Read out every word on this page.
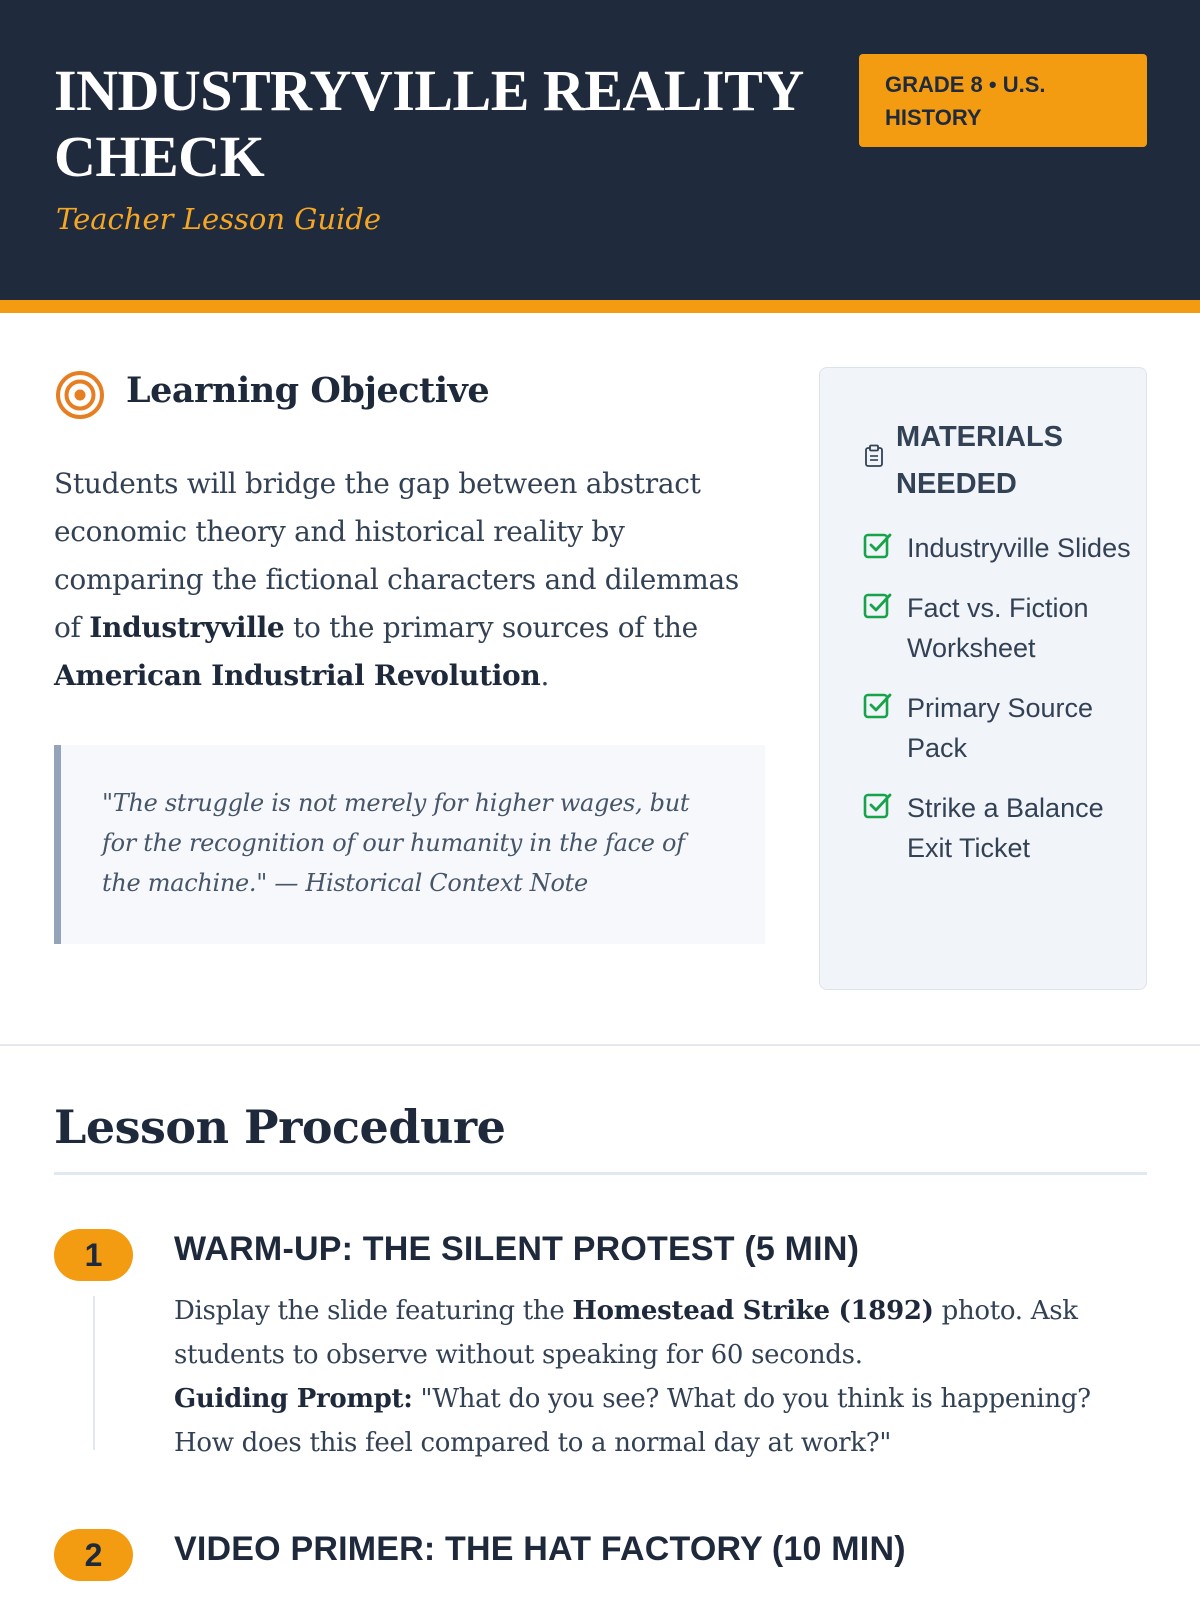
INDUSTRYVILLE REALITY CHECK
Teacher Lesson Guide
GRADE 8 • U.S. HISTORY
Learning Objective

Students will bridge the gap between abstract economic theory and historical reality by comparing the fictional characters and dilemmas of Industryville to the primary sources of the American Industrial Revolution.

"The struggle is not merely for higher wages, but for the recognition of our humanity in the face of the machine." — Historical Context Note
MATERIALS NEEDED
Industryville Slides
Fact vs. Fiction Worksheet
Primary Source Pack
Strike a Balance Exit Ticket
Lesson Procedure
1	WARM-UP: THE SILENT PROTEST (5 MIN)

Display the slide featuring the Homestead Strike (1892) photo. Ask students to observe without speaking for 60 seconds.
Guiding Prompt: "What do you see? What do you think is happening? How does this feel compared to a normal day at work?"

2	VIDEO PRIMER: THE HAT FACTORY (10 MIN)
